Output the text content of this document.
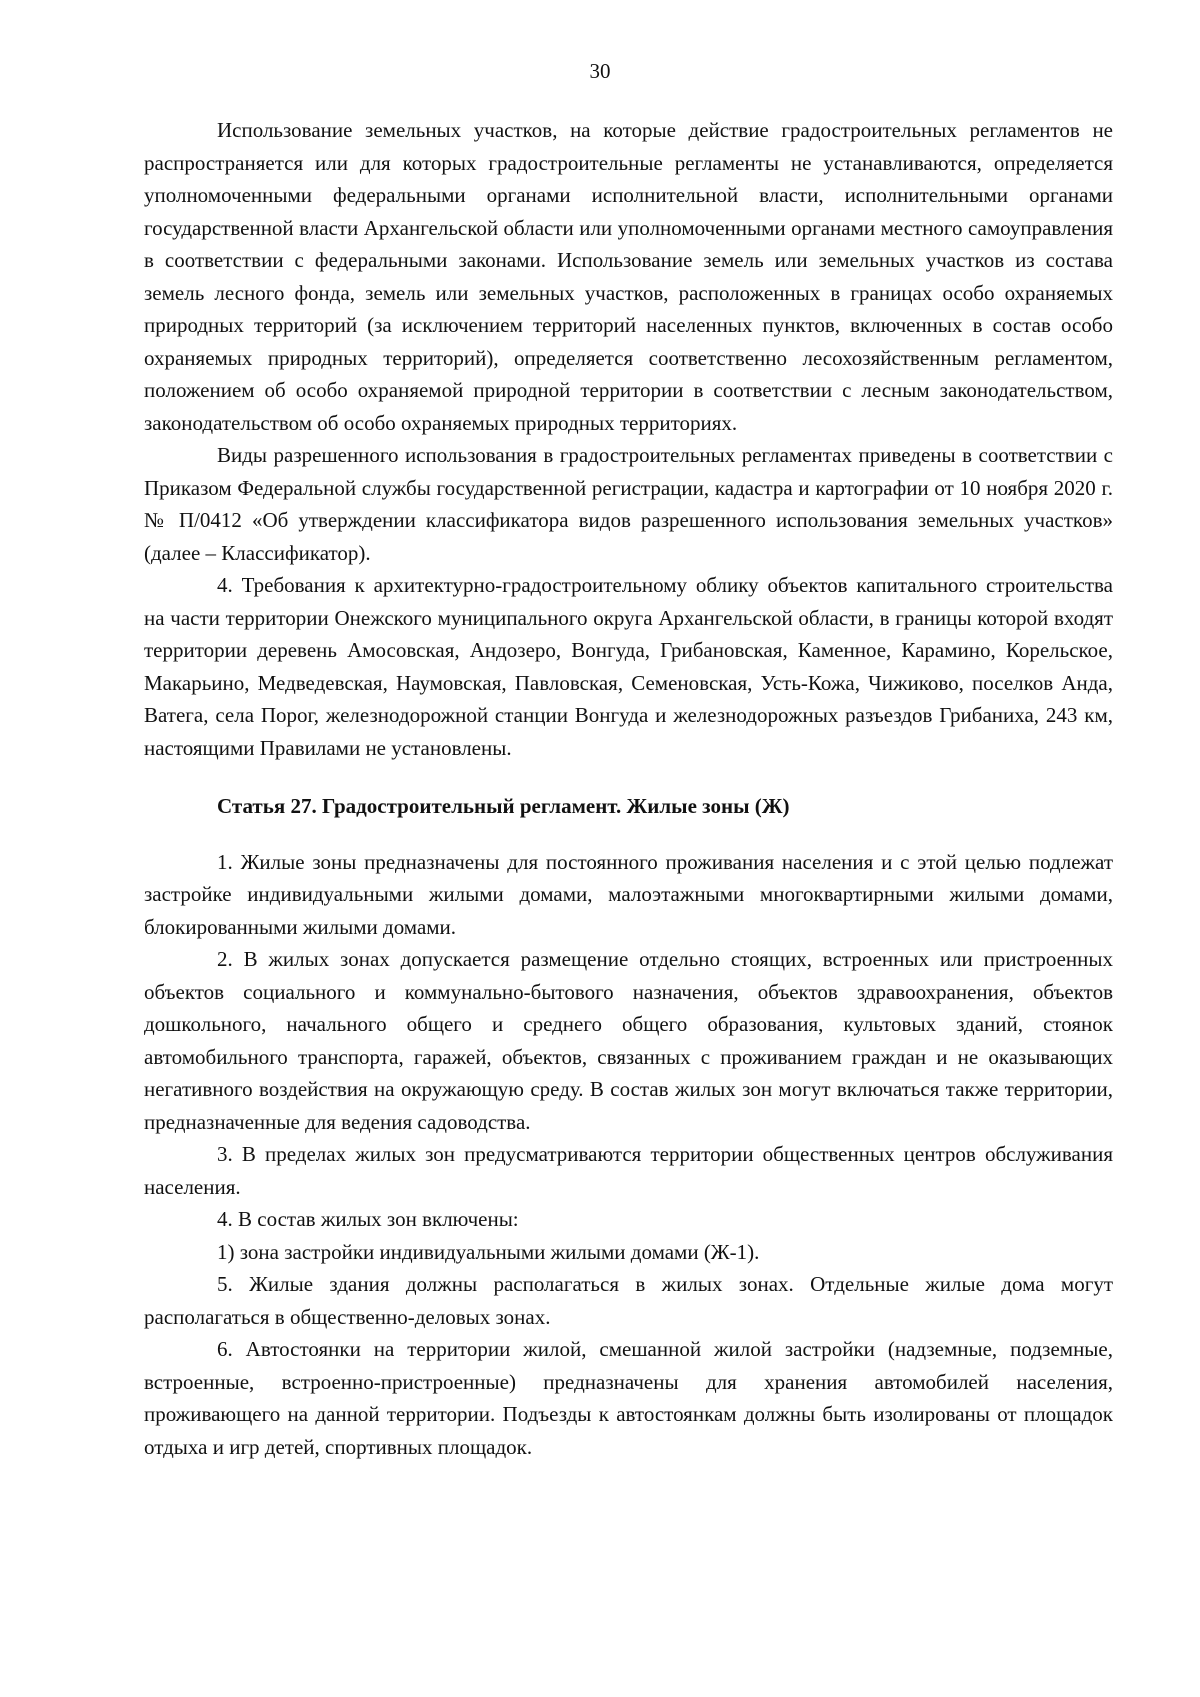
30

Использование земельных участков, на которые действие градостроительных регламентов не распространяется или для которых градостроительные регламенты не устанавливаются, определяется уполномоченными федеральными органами исполнительной власти, исполнительными органами государственной власти Архангельской области или уполномоченными органами местного самоуправления в соответствии с федеральными законами. Использование земель или земельных участков из состава земель лесного фонда, земель или земельных участков, расположенных в границах особо охраняемых природных территорий (за исключением территорий населенных пунктов, включенных в состав особо охраняемых природных территорий), определяется соответственно лесохозяйственным регламентом, положением об особо охраняемой природной территории в соответствии с лесным законодательством, законодательством об особо охраняемых природных территориях.

Виды разрешенного использования в градостроительных регламентах приведены в соответствии с Приказом Федеральной службы государственной регистрации, кадастра и картографии от 10 ноября 2020 г. № П/0412 «Об утверждении классификатора видов разрешенного использования земельных участков» (далее – Классификатор).

4. Требования к архитектурно-градостроительному облику объектов капитального строительства на части территории Онежского муниципального округа Архангельской области, в границы которой входят территории деревень Амосовская, Андозеро, Вонгуда, Грибановская, Каменное, Карамино, Корельское, Макарьино, Медведевская, Наумовская, Павловская, Семеновская, Усть-Кожа, Чижиково, поселков Анда, Ватега, села Порог, железнодорожной станции Вонгуда и железнодорожных разъездов Грибаниха, 243 км, настоящими Правилами не установлены.

Статья 27. Градостроительный регламент. Жилые зоны (Ж)

1. Жилые зоны предназначены для постоянного проживания населения и с этой целью подлежат застройке индивидуальными жилыми домами, малоэтажными многоквартирными жилыми домами, блокированными жилыми домами.

2. В жилых зонах допускается размещение отдельно стоящих, встроенных или пристроенных объектов социального и коммунально-бытового назначения, объектов здравоохранения, объектов дошкольного, начального общего и среднего общего образования, культовых зданий, стоянок автомобильного транспорта, гаражей, объектов, связанных с проживанием граждан и не оказывающих негативного воздействия на окружающую среду. В состав жилых зон могут включаться также территории, предназначенные для ведения садоводства.

3. В пределах жилых зон предусматриваются территории общественных центров обслуживания населения.

4. В состав жилых зон включены:

1) зона застройки индивидуальными жилыми домами (Ж-1).

5. Жилые здания должны располагаться в жилых зонах. Отдельные жилые дома могут располагаться в общественно-деловых зонах.

6. Автостоянки на территории жилой, смешанной жилой застройки (надземные, подземные, встроенные, встроенно-пристроенные) предназначены для хранения автомобилей населения, проживающего на данной территории. Подъезды к автостоянкам должны быть изолированы от площадок отдыха и игр детей, спортивных площадок.
